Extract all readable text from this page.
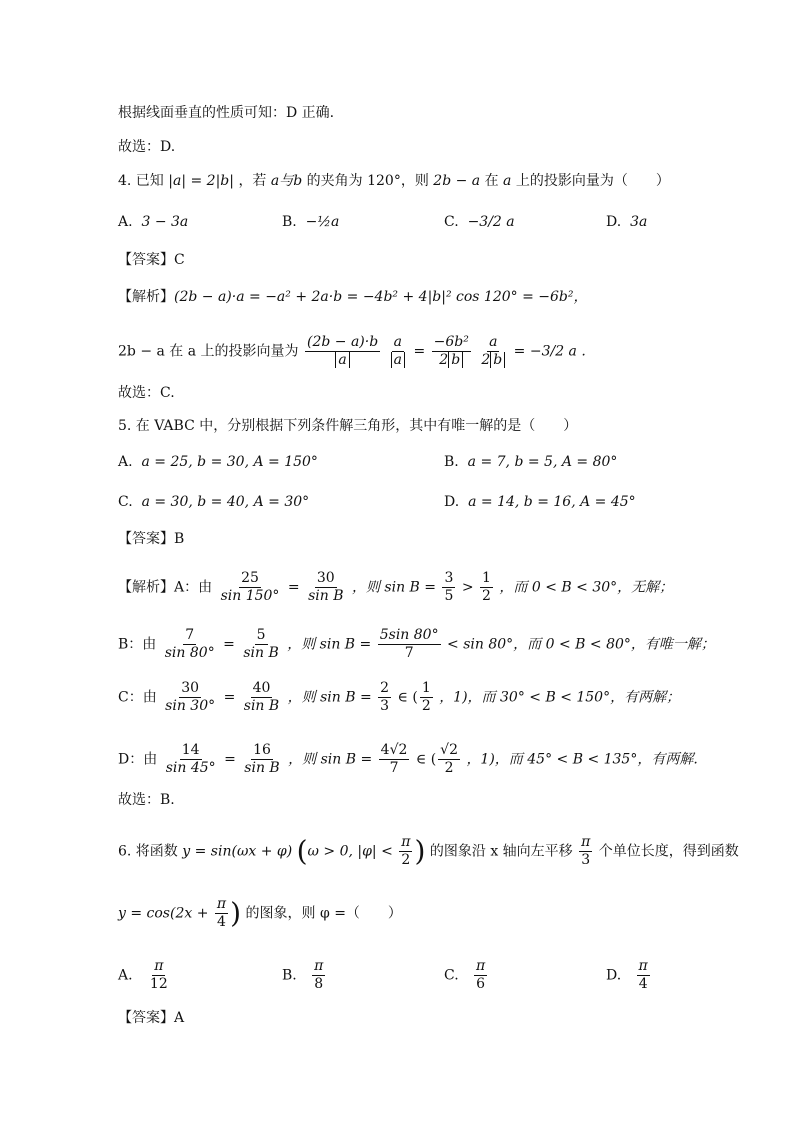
根据线面垂直的性质可知：D 正确.
故选：D.
4. 已知 |a| = 2|b| ，若 a与b 的夹角为 120°，则 2b − a 在 a 上的投影向量为（　　）
A. 3 − 3a	B. −½a	C. −3/2 a	D. 3a
【答案】C
【解析】(2b − a)·a = −a² + 2a·b = −4b² + 4|b|² cos 120° = −6b²，
2b − a 在 a 上的投影向量为 $\frac{(2b - a)\cdot b}{a}$
$\frac{a}{a} = \frac{\text{−6b²}}{2 b}$
$\frac{a}{2 b} = -3/2$ a .
故选：C.
5. 在 VABC 中，分别根据下列条件解三角形，其中有唯一解的是（　　）
A. a = 25, b = 30, A = 150°	B. a = 7, b = 5, A = 80°
C. a = 30, b = 40, A = 30°	D. a = 14, b = 16, A = 45°
【答案】B
【解析】A：由 $\frac{25}{\sin 150^\circ} = \frac{30}{\text{sin B}}$ ，则 $\sin B = \frac{3}{5} > \frac{1}{2}$ ，而 0 < B < 30°，无解；
B：由 $\frac{7}{\sin 80^\circ} = \frac{5}{\text{sin B}}$ ，则 $\sin B = \frac{5\sin 80^\circ}{7} < \sin 80^\circ$，而 0 < B < 80°，有唯一解；
C：由 $\frac{30}{\sin 30^\circ} = \frac{40}{\text{sin B}}$ ，则 $\sin B = \frac{2}{3}$ ∈ ( $\frac{1}{2}$ ，1)，而 30° < B < 150°，有两解；
D：由 $\frac{14}{\sin 45^\circ} = \frac{16}{\text{sin B}}$ ，则 $\sin B = \frac{4√2}{7}$ ∈ ( $\frac{√2}{2}$ ，1)，而 45° < B < 135°，有两解.
故选：B.
6. 将函数 y = sin(ωx + φ) (ω > 0, $|\varphi| < \frac{\pi}{2}$ ) 的图象沿 x 轴向左平移 $\frac{\pi}{3}$ 个单位长度，得到函数
$y = \cos(2x + \frac{\pi}{4}$ ) 的图象，则 φ =（　　）
A. $\frac{\pi}{12}$	B. $\frac{\pi}{8}$	C. $\frac{\pi}{6}$	D. $\frac{\pi}{4}$
【答案】A
